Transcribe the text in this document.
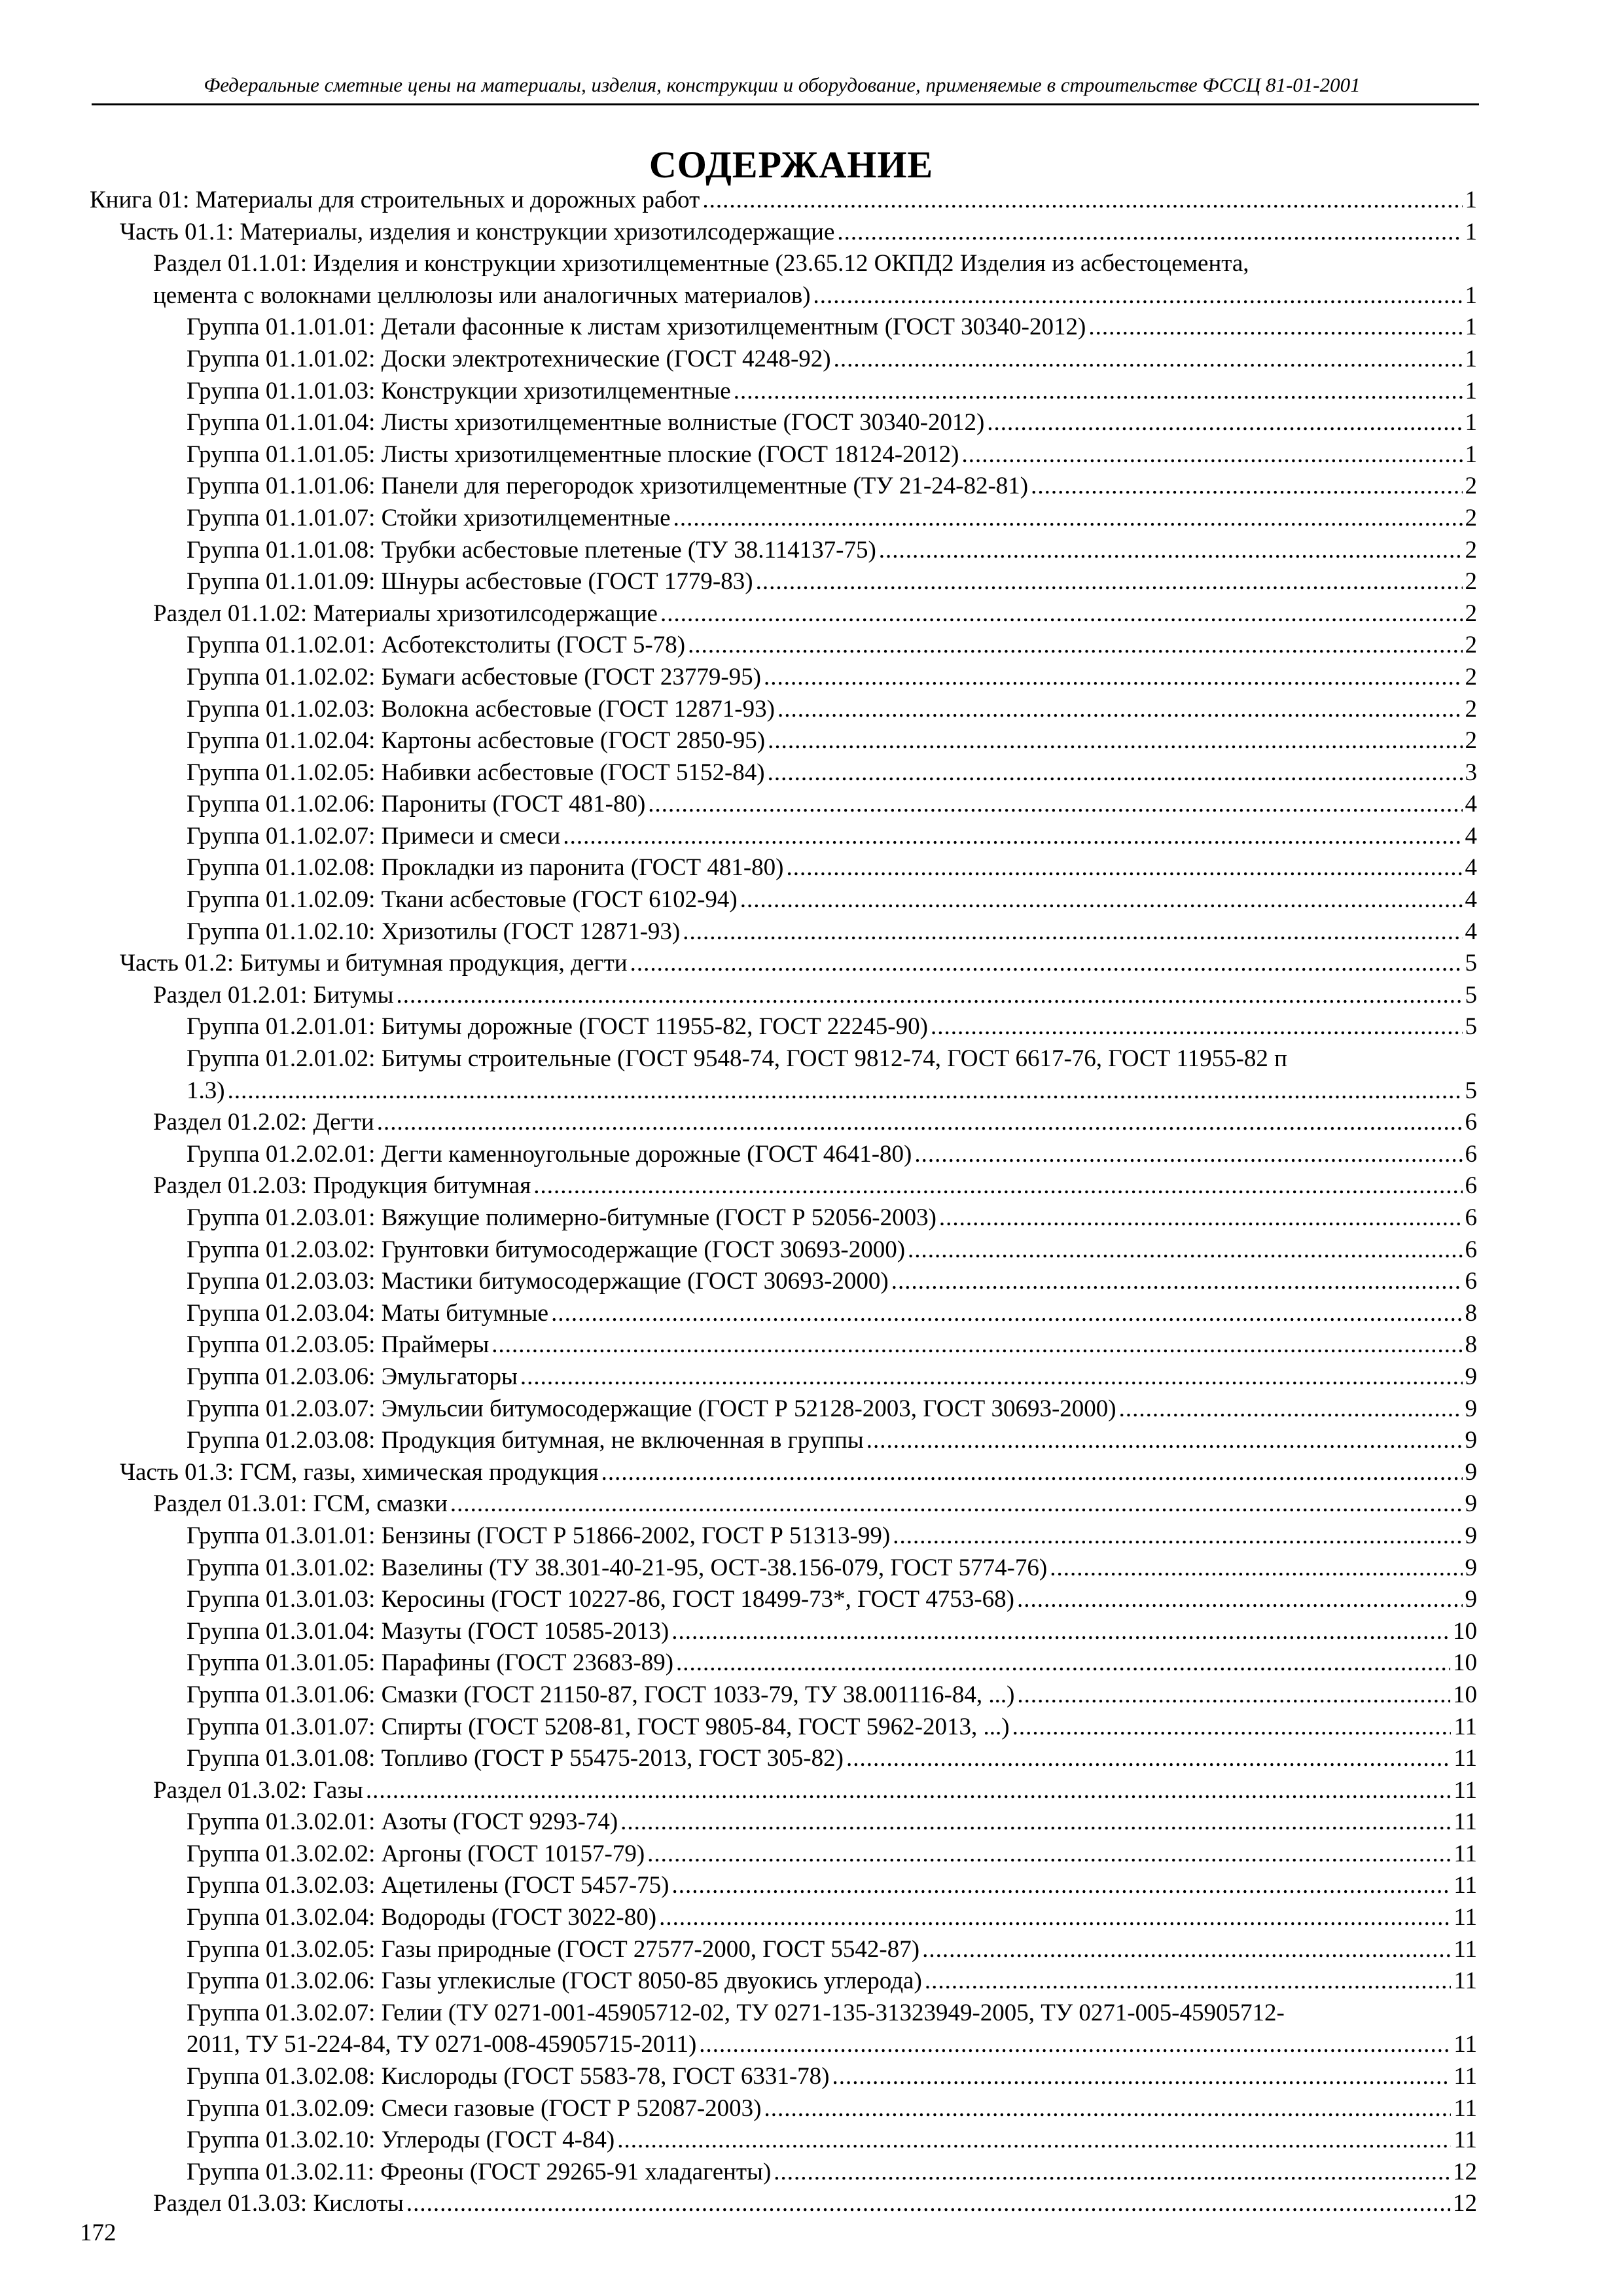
Федеральные сметные цены на материалы, изделия, конструкции и оборудование, применяемые в строительстве ФССЦ 81-01-2001
СОДЕРЖАНИЕ
Книга 01: Материалы для строительных и дорожных работ .....	1
Часть 01.1: Материалы, изделия и конструкции хризотилсодержащие .....	1
Раздел 01.1.01: Изделия и конструкции хризотилцементные (23.65.12 ОКПД2 Изделия из асбестоцемента,
цемента с волокнами целлюлозы или аналогичных материалов) .....	1
Группа 01.1.01.01: Детали фасонные к листам хризотилцементным (ГОСТ 30340-2012) .....	1
Группа 01.1.01.02: Доски электротехнические (ГОСТ 4248-92) .....	1
Группа 01.1.01.03: Конструкции хризотилцементные .....	1
Группа 01.1.01.04: Листы хризотилцементные волнистые (ГОСТ 30340-2012) .....	1
Группа 01.1.01.05: Листы хризотилцементные плоские (ГОСТ 18124-2012) .....	1
Группа 01.1.01.06: Панели для перегородок хризотилцементные (ТУ 21-24-82-81) .....	2
Группа 01.1.01.07: Стойки хризотилцементные .....	2
Группа 01.1.01.08: Трубки асбестовые плетеные (ТУ 38.114137-75) .....	2
Группа 01.1.01.09: Шнуры асбестовые (ГОСТ 1779-83) .....	2
Раздел 01.1.02: Материалы хризотилсодержащие .....	2
Группа 01.1.02.01: Асботекстолиты (ГОСТ 5-78) .....	2
Группа 01.1.02.02: Бумаги асбестовые (ГОСТ 23779-95) .....	2
Группа 01.1.02.03: Волокна асбестовые (ГОСТ 12871-93) .....	2
Группа 01.1.02.04: Картоны асбестовые (ГОСТ 2850-95) .....	2
Группа 01.1.02.05: Набивки асбестовые (ГОСТ 5152-84) .....	3
Группа 01.1.02.06: Парониты (ГОСТ 481-80) .....	4
Группа 01.1.02.07: Примеси и смеси .....	4
Группа 01.1.02.08: Прокладки из паронита (ГОСТ 481-80) .....	4
Группа 01.1.02.09: Ткани асбестовые (ГОСТ 6102-94) .....	4
Группа 01.1.02.10: Хризотилы (ГОСТ 12871-93) .....	4
Часть 01.2: Битумы и битумная продукция, дегти .....	5
Раздел 01.2.01: Битумы .....	5
Группа 01.2.01.01: Битумы дорожные (ГОСТ 11955-82, ГОСТ 22245-90) .....	5
Группа 01.2.01.02: Битумы строительные (ГОСТ 9548-74, ГОСТ 9812-74, ГОСТ 6617-76, ГОСТ 11955-82 п
1.3) .....	5
Раздел 01.2.02: Дегти .....	6
Группа 01.2.02.01: Дегти каменноугольные дорожные (ГОСТ 4641-80) .....	6
Раздел 01.2.03: Продукция битумная .....	6
Группа 01.2.03.01: Вяжущие полимерно-битумные (ГОСТ Р 52056-2003) .....	6
Группа 01.2.03.02: Грунтовки битумосодержащие (ГОСТ 30693-2000) .....	6
Группа 01.2.03.03: Мастики битумосодержащие (ГОСТ 30693-2000) .....	6
Группа 01.2.03.04: Маты битумные .....	8
Группа 01.2.03.05: Праймеры .....	8
Группа 01.2.03.06: Эмульгаторы .....	9
Группа 01.2.03.07: Эмульсии битумосодержащие (ГОСТ Р 52128-2003, ГОСТ 30693-2000) .....	9
Группа 01.2.03.08: Продукция битумная, не включенная в группы .....	9
Часть 01.3: ГСМ, газы, химическая продукция .....	9
Раздел 01.3.01: ГСМ, смазки .....	9
Группа 01.3.01.01: Бензины (ГОСТ Р 51866-2002, ГОСТ Р 51313-99) .....	9
Группа 01.3.01.02: Вазелины (ТУ 38.301-40-21-95, ОСТ-38.156-079, ГОСТ 5774-76) .....	9
Группа 01.3.01.03: Керосины (ГОСТ 10227-86, ГОСТ 18499-73*, ГОСТ 4753-68) .....	9
Группа 01.3.01.04: Мазуты (ГОСТ 10585-2013) .....	10
Группа 01.3.01.05: Парафины (ГОСТ 23683-89) .....	10
Группа 01.3.01.06: Смазки (ГОСТ 21150-87, ГОСТ 1033-79, ТУ 38.001116-84, ...) .....	10
Группа 01.3.01.07: Спирты (ГОСТ 5208-81, ГОСТ 9805-84, ГОСТ 5962-2013, ...) .....	11
Группа 01.3.01.08: Топливо (ГОСТ Р 55475-2013, ГОСТ 305-82) .....	11
Раздел 01.3.02: Газы .....	11
Группа 01.3.02.01: Азоты (ГОСТ 9293-74) .....	11
Группа 01.3.02.02: Аргоны (ГОСТ 10157-79) .....	11
Группа 01.3.02.03: Ацетилены (ГОСТ 5457-75) .....	11
Группа 01.3.02.04: Водороды (ГОСТ 3022-80) .....	11
Группа 01.3.02.05: Газы природные (ГОСТ 27577-2000, ГОСТ 5542-87) .....	11
Группа 01.3.02.06: Газы углекислые (ГОСТ 8050-85 двуокись углерода) .....	11
Группа 01.3.02.07: Гелии (ТУ 0271-001-45905712-02, ТУ 0271-135-31323949-2005, ТУ 0271-005-45905712-
2011, ТУ 51-224-84, ТУ 0271-008-45905715-2011) .....	11
Группа 01.3.02.08: Кислороды (ГОСТ 5583-78, ГОСТ 6331-78) .....	11
Группа 01.3.02.09: Смеси газовые (ГОСТ Р 52087-2003) .....	11
Группа 01.3.02.10: Углероды (ГОСТ 4-84) .....	11
Группа 01.3.02.11: Фреоны (ГОСТ 29265-91 хладагенты) .....	12
Раздел 01.3.03: Кислоты .....	12
172
